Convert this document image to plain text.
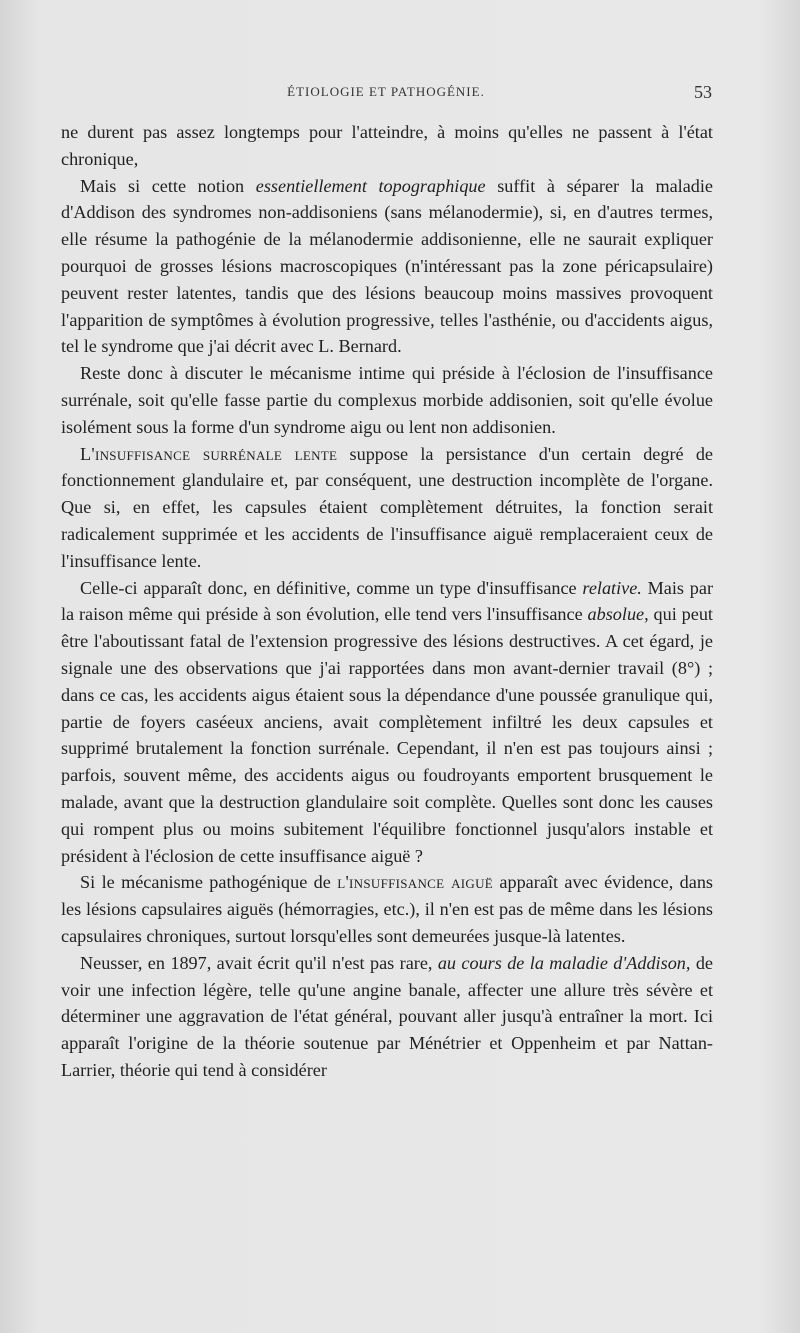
ÉTIOLOGIE ET PATHOGÉNIE.	53

ne durent pas assez longtemps pour l'atteindre, à moins qu'elles ne passent à l'état chronique,

Mais si cette notion essentiellement topographique suffit à séparer la maladie d'Addison des syndromes non-addisoniens (sans mélanodermie), si, en d'autres termes, elle résume la pathogénie de la mélanodermie addisonienne, elle ne saurait expliquer pourquoi de grosses lésions macroscopiques (n'intéressant pas la zone péricapsulaire) peuvent rester latentes, tandis que des lésions beaucoup moins massives provoquent l'apparition de symptômes à évolution progressive, telles l'asthénie, ou d'accidents aigus, tel le syndrome que j'ai décrit avec L. Bernard.

Reste donc à discuter le mécanisme intime qui préside à l'éclosion de l'insuffisance surrénale, soit qu'elle fasse partie du complexus morbide addisonien, soit qu'elle évolue isolément sous la forme d'un syndrome aigu ou lent non addisonien.

L'insuffisance surrénale lente suppose la persistance d'un certain degré de fonctionnement glandulaire et, par conséquent, une destruction incomplète de l'organe. Que si, en effet, les capsules étaient complètement détruites, la fonction serait radicalement supprimée et les accidents de l'insuffisance aiguë remplaceraient ceux de l'insuffisance lente.

Celle-ci apparaît donc, en définitive, comme un type d'insuffisance relative. Mais par la raison même qui préside à son évolution, elle tend vers l'insuffisance absolue, qui peut être l'aboutissant fatal de l'extension progressive des lésions destructives. A cet égard, je signale une des observations que j'ai rapportées dans mon avant-dernier travail (8°) ; dans ce cas, les accidents aigus étaient sous la dépendance d'une poussée granulique qui, partie de foyers caséeux anciens, avait complètement infiltré les deux capsules et supprimé brutalement la fonction surrénale. Cependant, il n'en est pas toujours ainsi ; parfois, souvent même, des accidents aigus ou foudroyants emportent brusquement le malade, avant que la destruction glandulaire soit complète. Quelles sont donc les causes qui rompent plus ou moins subitement l'équilibre fonctionnel jusqu'alors instable et président à l'éclosion de cette insuffisance aiguë ?

Si le mécanisme pathogénique de l'insuffisance aiguë apparaît avec évidence, dans les lésions capsulaires aiguës (hémorragies, etc.), il n'en est pas de même dans les lésions capsulaires chroniques, surtout lorsqu'elles sont demeurées jusque-là latentes.

Neusser, en 1897, avait écrit qu'il n'est pas rare, au cours de la maladie d'Addison, de voir une infection légère, telle qu'une angine banale, affecter une allure très sévère et déterminer une aggravation de l'état général, pouvant aller jusqu'à entraîner la mort. Ici apparaît l'origine de la théorie soutenue par Ménétrier et Oppenheim et par Nattan-Larrier, théorie qui tend à considérer
